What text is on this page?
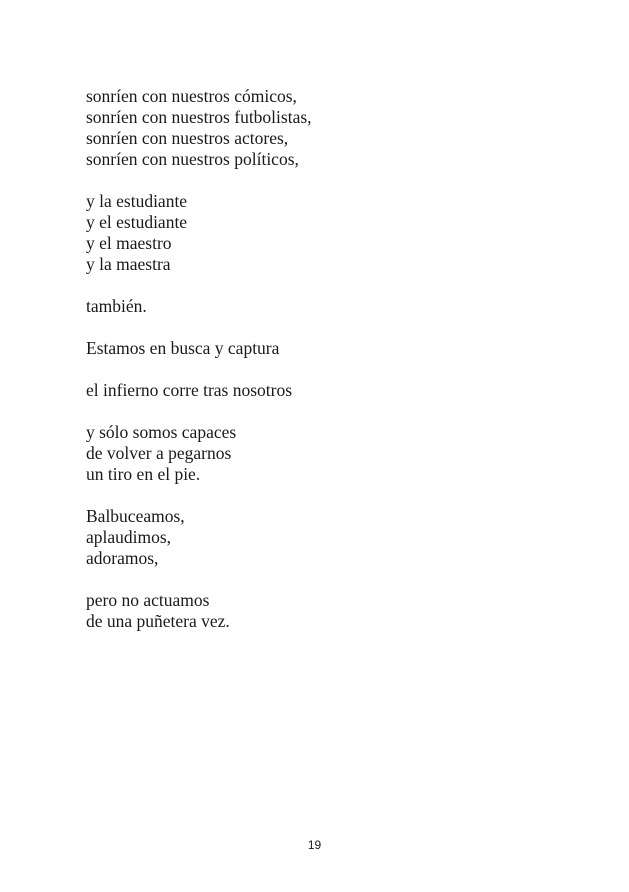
sonríen con nuestros cómicos,
sonríen con nuestros futbolistas,
sonríen con nuestros actores,
sonríen con nuestros políticos,
y la estudiante
y el estudiante
y el maestro
y la maestra
también.
Estamos en busca y captura
el infierno corre tras nosotros
y sólo somos capaces
de volver a pegarnos
un tiro en el pie.
Balbuceamos,
aplaudimos,
adoramos,
pero no actuamos
de una puñetera vez.
19
